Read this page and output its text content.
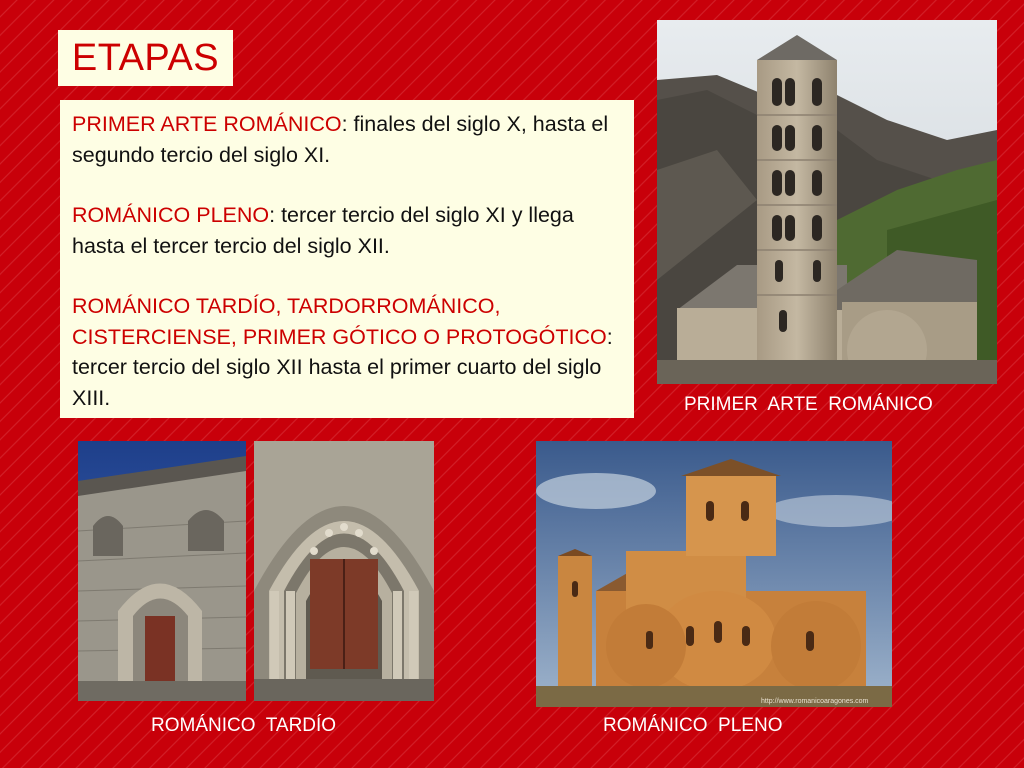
ETAPAS

PRIMER ARTE ROMÁNICO: finales del siglo X, hasta el segundo tercio del siglo XI.

ROMÁNICO PLENO: tercer tercio del siglo XI y llega hasta el tercer tercio del siglo XII.

ROMÁNICO TARDÍO, TARDORROMÁNICO, CISTERCIENSE, PRIMER GÓTICO O PROTOGÓTICO: tercer tercio del siglo XII hasta el primer cuarto del siglo XIII.

http://www.romanicoaragones.com
PRIMER  ARTE  ROMÁNICO
ROMÁNICO  TARDÍO	ROMÁNICO  PLENO
